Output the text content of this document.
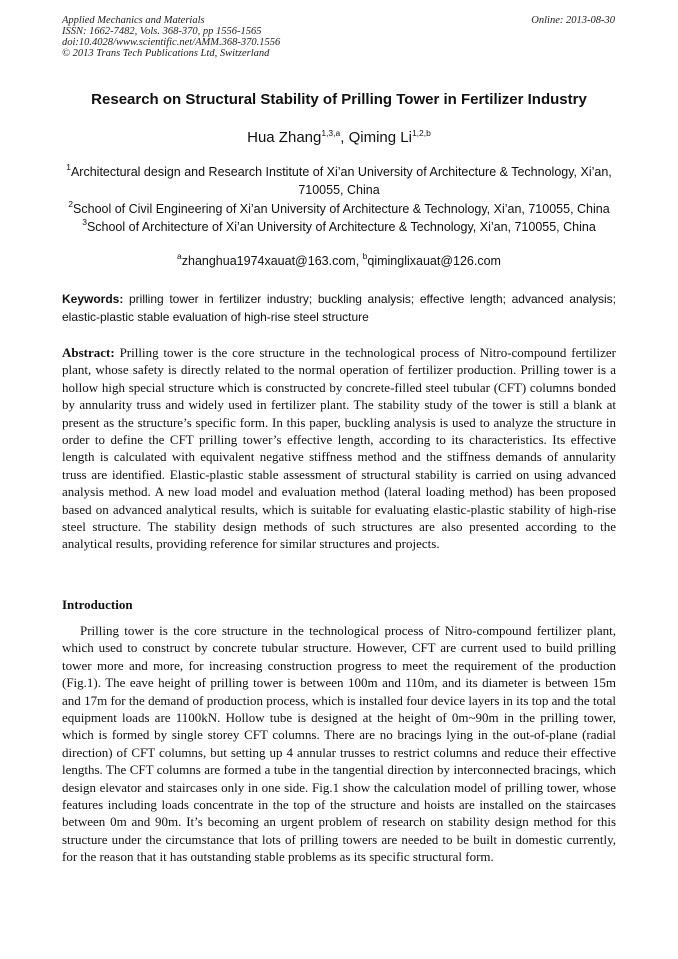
Applied Mechanics and Materials
ISSN: 1662-7482, Vols. 368-370, pp 1556-1565
doi:10.4028/www.scientific.net/AMM.368-370.1556
© 2013 Trans Tech Publications Ltd, Switzerland
Online: 2013-08-30
Research on Structural Stability of Prilling Tower in Fertilizer Industry
Hua Zhang$^{1,3,a}$, Qiming Li$^{1,2,b}$
$^1$Architectural design and Research Institute of Xi’an University of Architecture & Technology, Xi’an, 710055, China
$^2$School of Civil Engineering of Xi’an University of Architecture & Technology, Xi’an, 710055, China
$^3$School of Architecture of Xi’an University of Architecture & Technology, Xi’an, 710055, China
$^a$zhanghua1974xauat@163.com, $^b$qiminglixauat@126.com
Keywords: prilling tower in fertilizer industry; buckling analysis; effective length; advanced analysis; elastic-plastic stable evaluation of high-rise steel structure
Abstract: Prilling tower is the core structure in the technological process of Nitro-compound fertilizer plant, whose safety is directly related to the normal operation of fertilizer production. Prilling tower is a hollow high special structure which is constructed by concrete-filled steel tubular (CFT) columns bonded by annularity truss and widely used in fertilizer plant. The stability study of the tower is still a blank at present as the structure’s specific form. In this paper, buckling analysis is used to analyze the structure in order to define the CFT prilling tower’s effective length, according to its characteristics. Its effective length is calculated with equivalent negative stiffness method and the stiffness demands of annularity truss are identified. Elastic-plastic stable assessment of structural stability is carried on using advanced analysis method. A new load model and evaluation method (lateral loading method) has been proposed based on advanced analytical results, which is suitable for evaluating elastic-plastic stability of high-rise steel structure. The stability design methods of such structures are also presented according to the analytical results, providing reference for similar structures and projects.
Introduction
Prilling tower is the core structure in the technological process of Nitro-compound fertilizer plant, which used to construct by concrete tubular structure. However, CFT are current used to build prilling tower more and more, for increasing construction progress to meet the requirement of the production (Fig.1). The eave height of prilling tower is between 100m and 110m, and its diameter is between 15m and 17m for the demand of production process, which is installed four device layers in its top and the total equipment loads are 1100kN. Hollow tube is designed at the height of 0m~90m in the prilling tower, which is formed by single storey CFT columns. There are no bracings lying in the out-of-plane (radial direction) of CFT columns, but setting up 4 annular trusses to restrict columns and reduce their effective lengths. The CFT columns are formed a tube in the tangential direction by interconnected bracings, which design elevator and staircases only in one side. Fig.1 show the calculation model of prilling tower, whose features including loads concentrate in the top of the structure and hoists are installed on the staircases between 0m and 90m. It’s becoming an urgent problem of research on stability design method for this structure under the circumstance that lots of prilling towers are needed to be built in domestic currently, for the reason that it has outstanding stable problems as its specific structural form.
